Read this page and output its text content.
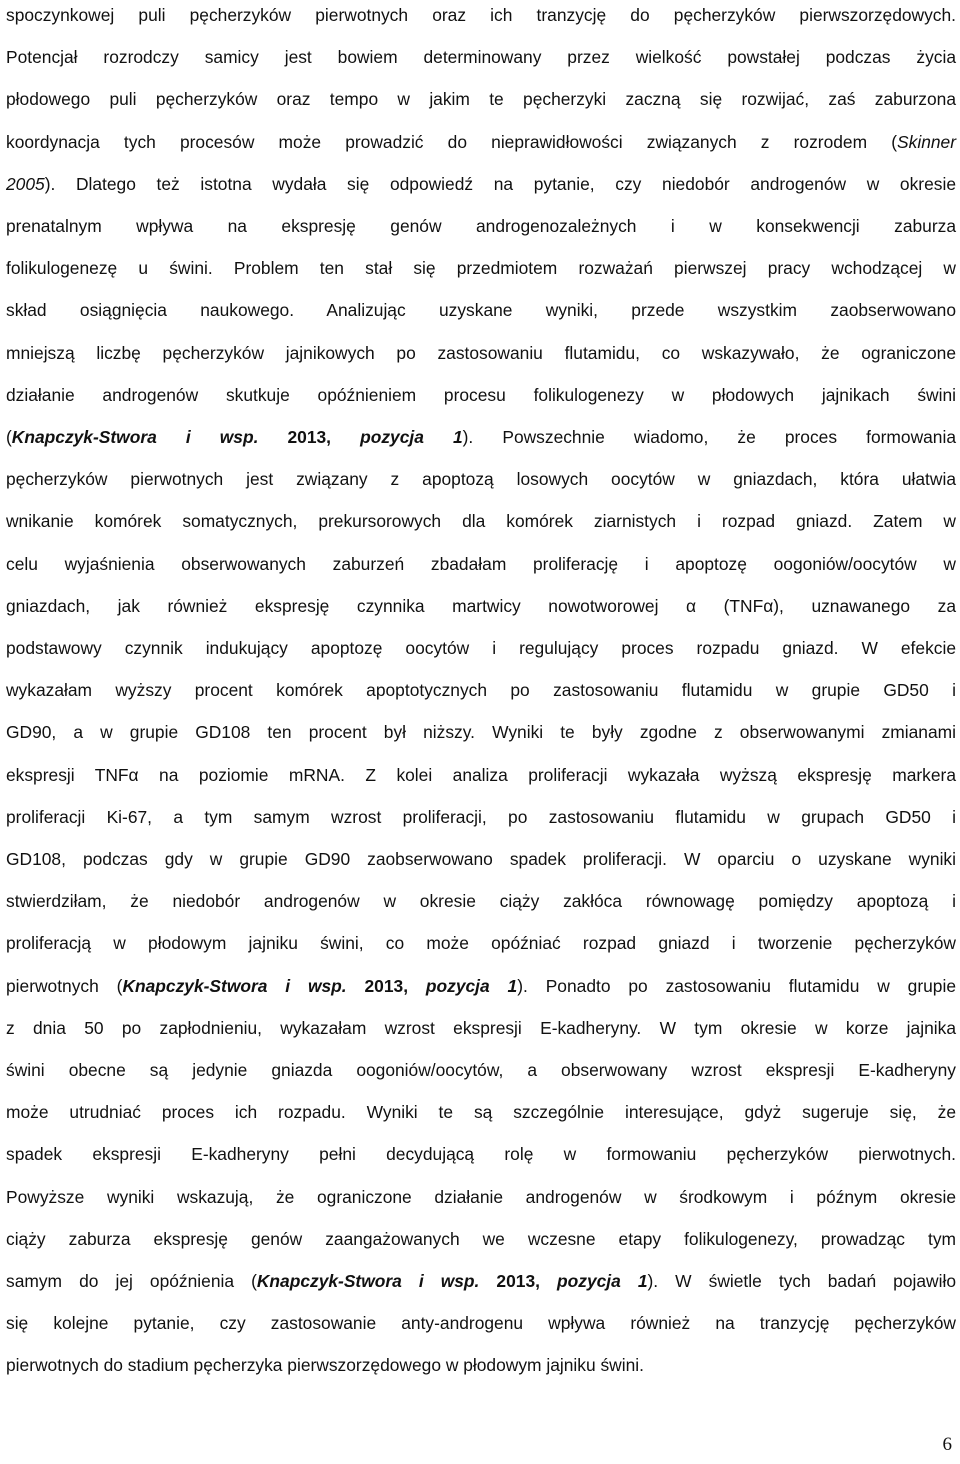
spoczynkowej puli pęcherzyków pierwotnych oraz ich tranzycję do pęcherzyków pierwszorzędowych.
Potencjał rozrodczy samicy jest bowiem determinowany przez wielkość powstałej podczas życia
płodowego puli pęcherzyków oraz tempo w jakim te pęcherzyki zaczną się rozwijać, zaś zaburzona
koordynacja tych procesów może prowadzić do nieprawidłowości związanych z rozrodem (Skinner
2005). Dlatego też istotna wydała się odpowiedź na pytanie, czy niedobór androgenów w okresie
prenatalnym wpływa na ekspresję genów androgenozależnych i w konsekwencji zaburza
folikulogenezę u świni. Problem ten stał się przedmiotem rozważań pierwszej pracy wchodzącej w
skład osiągnięcia naukowego. Analizując uzyskane wyniki, przede wszystkim zaobserwowano
mniejszą liczbę pęcherzyków jajnikowych po zastosowaniu flutamidu, co wskazywało, że ograniczone
działanie androgenów skutkuje opóźnieniem procesu folikulogenezy w płodowych jajnikach świni
(Knapczyk-Stwora i wsp. 2013, pozycja 1). Powszechnie wiadomo, że proces formowania
pęcherzyków pierwotnych jest związany z apoptozą losowych oocytów w gniazdach, która ułatwia
wnikanie komórek somatycznych, prekursorowych dla komórek ziarnistych i rozpad gniazd. Zatem w
celu wyjaśnienia obserwowanych zaburzeń zbadałam proliferację i apoptozę oogoniów/oocytów w
gniazdach, jak również ekspresję czynnika martwicy nowotworowej α (TNFα), uznawanego za
podstawowy czynnik indukujący apoptozę oocytów i regulujący proces rozpadu gniazd. W efekcie
wykazałam wyższy procent komórek apoptotycznych po zastosowaniu flutamidu w grupie GD50 i
GD90, a w grupie GD108 ten procent był niższy. Wyniki te były zgodne z obserwowanymi zmianami
ekspresji TNFα na poziomie mRNA. Z kolei analiza proliferacji wykazała wyższą ekspresję markera
proliferacji Ki-67, a tym samym wzrost proliferacji, po zastosowaniu flutamidu w grupach GD50 i
GD108, podczas gdy w grupie GD90 zaobserwowano spadek proliferacji. W oparciu o uzyskane wyniki
stwierdziłam, że niedobór androgenów w okresie ciąży zakłóca równowagę pomiędzy apoptozą i
proliferacją w płodowym jajniku świni, co może opóźniać rozpad gniazd i tworzenie pęcherzyków
pierwotnych (Knapczyk-Stwora i wsp. 2013, pozycja 1). Ponadto po zastosowaniu flutamidu w grupie
z dnia 50 po zapłodnieniu, wykazałam wzrost ekspresji E-kadheryny. W tym okresie w korze jajnika
świni obecne są jedynie gniazda oogoniów/oocytów, a obserwowany wzrost ekspresji E-kadheryny
może utrudniać proces ich rozpadu. Wyniki te są szczególnie interesujące, gdyż sugeruje się, że
spadek ekspresji E-kadheryny pełni decydującą rolę w formowaniu pęcherzyków pierwotnych.
Powyższe wyniki wskazują, że ograniczone działanie androgenów w środkowym i późnym okresie
ciąży zaburza ekspresję genów zaangażowanych we wczesne etapy folikulogenezy, prowadząc tym
samym do jej opóźnienia (Knapczyk-Stwora i wsp. 2013, pozycja 1). W świetle tych badań pojawiło
się kolejne pytanie, czy zastosowanie anty-androgenu wpływa również na tranzycję pęcherzyków
pierwotnych do stadium pęcherzyka pierwszorzędowego w płodowym jajniku świni.
6
